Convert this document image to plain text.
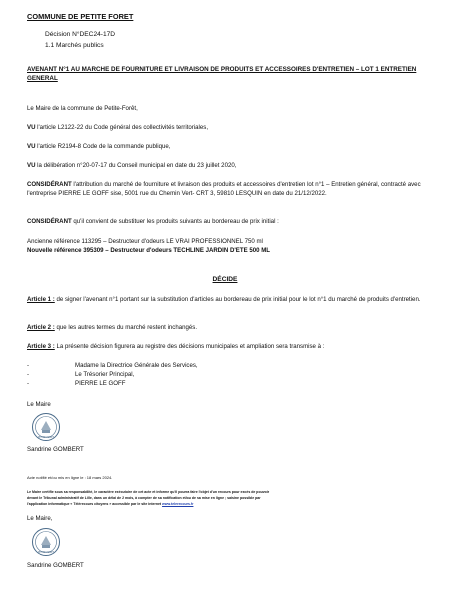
COMMUNE DE PETITE FORET
Décision N°DEC24-17D
1.1 Marchés publics
AVENANT N°1 AU MARCHE DE FOURNITURE ET LIVRAISON DE PRODUITS ET ACCESSOIRES D'ENTRETIEN – LOT 1 ENTRETIEN GENERAL
Le Maire de la commune de Petite-Forêt,
VU l'article L2122-22 du Code général des collectivités territoriales,
VU l'article R2194-8 Code de la commande publique,
VU la délibération n°20-07-17 du Conseil municipal en date du 23 juillet 2020,
CONSIDÉRANT l'attribution du marché de fourniture et livraison des produits et accessoires d'entretien lot n°1 – Entretien général, contracté avec l'entreprise PIERRE LE GOFF sise, 5001 rue du Chemin Vert- CRT 3, 59810 LESQUIN en date du 21/12/2022.
CONSIDÉRANT qu'il convient de substituer les produits suivants au bordereau de prix initial :
Ancienne référence 113295 – Destructeur d'odeurs LE VRAI PROFESSIONNEL 750 ml
Nouvelle référence 395309 – Destructeur d'odeurs TECHLINE JARDIN D'ETE 500 ML
DÉCIDE
Article 1 : de signer l'avenant n°1 portant sur la substitution d'articles au bordereau de prix initial pour le lot n°1 du marché de produits d'entretien.
Article 2 : que les autres termes du marché restent inchangés.
Article 3 : La présente décision figurera au registre des décisions municipales et ampliation sera transmise à :
-	Madame la Directrice Générale des Services,
-	Le Trésorier Principal,
-	PIERRE LE GOFF
Le Maire
PETITE FORET
Sandrine GOMBERT
Acte notifié et/ou mis en ligne le : 18 mars 2024.
Le Maire certifie sous sa responsabilité, le caractère exécutoire de cet acte et informe qu'il pourra faire l'objet d'un recours pour excès de pouvoir
devant le Tribunal administratif de Lille, dans un délai de 2 mois, à compter de sa notification et/ou de sa mise en ligne ; saisine possible par
l'application informatique « Télérecours citoyens » accessible par le site internet www.telerecours.fr
Le Maire,
PETITE FORET
Sandrine GOMBERT
